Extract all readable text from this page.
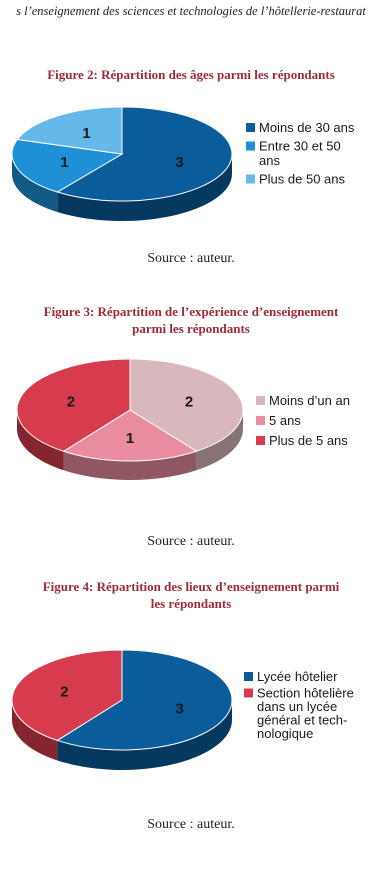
s l’enseignement des sciences et technologies de l’hôtellerie-restaurat
Figure 2: Répartition des âges parmi les répondants
3
1
1	Moins de 30 ans
Entre 30 et 50
ans
Plus de 50 ans
Source : auteur.
Figure 3: Répartition de l’expérience d’enseignement
parmi les répondants
2
1
2	Moins d’un an
5 ans
Plus de 5 ans
Source : auteur.
Figure 4: Répartition des lieux d’enseignement parmi
les répondants
3
2
Lycée hôtelier
Section hôtelière
dans un lycée
général et tech-
nologique
Source : auteur.
